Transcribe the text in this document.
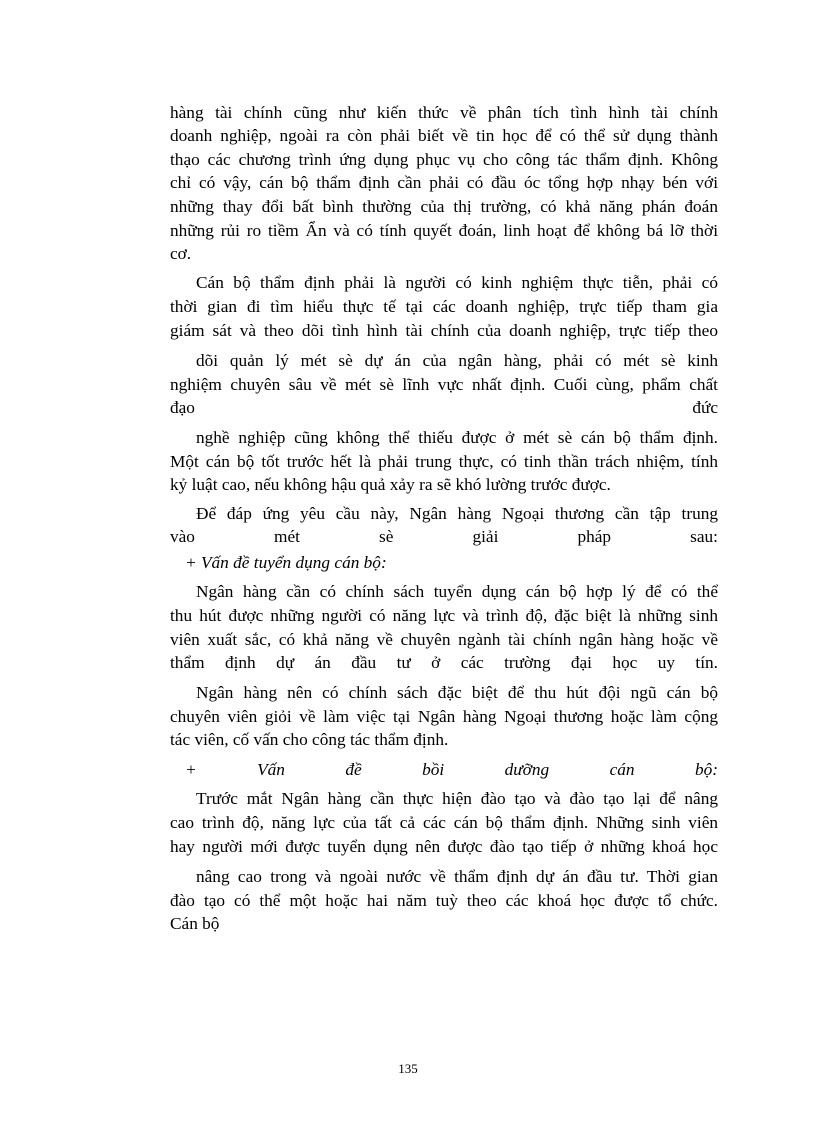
hàng tài chính cũng như kiến thức về phân tích tình hình tài chính
doanh nghiệp, ngoài ra còn phải biết về tin học để có thể sử dụng thành
thạo các chương trình ứng dụng phục vụ cho công tác thẩm định. Không
chỉ có vậy, cán bộ thẩm định cần phải có đầu óc tổng hợp nhạy bén với
những thay đổi bất bình thường của thị trường, có khả năng phán đoán
những rủi ro tiềm Ẩn và có tính quyết đoán, linh hoạt để không bá lỡ thời
cơ.
Cán bộ thẩm định phải là người có kinh nghiệm thực tiễn, phải có
thời gian đi tìm hiểu thực tế tại các doanh nghiệp, trực tiếp tham gia
giám sát và theo dõi tình hình tài chính của doanh nghiệp, trực tiếp theo
dõi quản lý mét sè dự án của ngân hàng, phải có mét sè kinh
nghiệm chuyên sâu về mét sè lĩnh vực nhất định. Cuối cùng, phẩm chất
đạo đức
nghề nghiệp cũng không thể thiếu được ở mét sè cán bộ thẩm định.
Một cán bộ tốt trước hết là phải trung thực, có tinh thần trách nhiệm, tính
kỷ luật cao, nếu không hậu quả xảy ra sẽ khó lường trước được.
Để đáp ứng yêu cầu này, Ngân hàng Ngoại thương cần tập trung
vào mét sè giải pháp sau:
+ Vấn đề tuyển dụng cán bộ:
Ngân hàng cần có chính sách tuyển dụng cán bộ hợp lý để có thể
thu hút được những người có năng lực và trình độ, đặc biệt là những sinh
viên xuất sắc, có khả năng về chuyên ngành tài chính ngân hàng hoặc về
thẩm định dự án đầu tư ở các trường đại học uy tín.
Ngân hàng nên có chính sách đặc biệt để thu hút đội ngũ cán bộ
chuyên viên giỏi về làm việc tại Ngân hàng Ngoại thương hoặc làm cộng
tác viên, cố vấn cho công tác thẩm định.
+ Vấn đề bồi dưỡng cán bộ:
Trước mắt Ngân hàng cần thực hiện đào tạo và đào tạo lại để nâng
cao trình độ, năng lực của tất cả các cán bộ thẩm định. Những sinh viên
hay người mới được tuyển dụng nên được đào tạo tiếp ở những khoá học
nâng cao trong và ngoài nước về thẩm định dự án đầu tư. Thời gian
đào tạo có thể một hoặc hai năm tuỳ theo các khoá học được tổ chức.
Cán bộ
135
